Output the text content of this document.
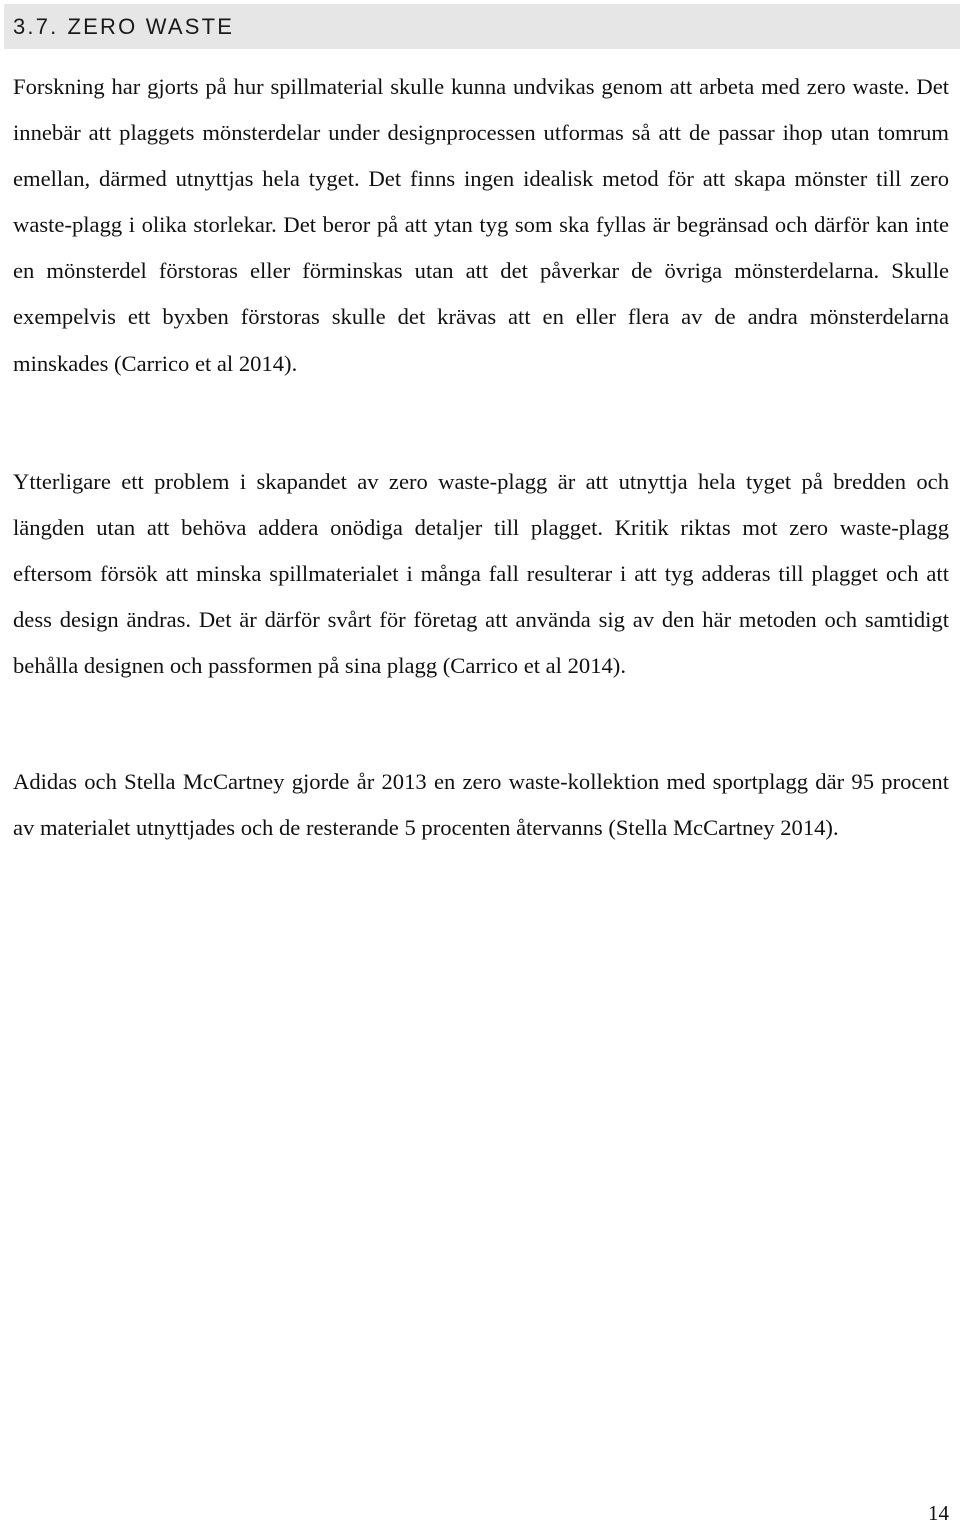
3.7. ZERO WASTE

Forskning har gjorts på hur spillmaterial skulle kunna undvikas genom att arbeta med zero waste. Det innebär att plaggets mönsterdelar under designprocessen utformas så att de passar ihop utan tomrum emellan, därmed utnyttjas hela tyget. Det finns ingen idealisk metod för att skapa mönster till zero waste-plagg i olika storlekar. Det beror på att ytan tyg som ska fyllas är begränsad och därför kan inte en mönsterdel förstoras eller förminskas utan att det påverkar de övriga mönsterdelarna. Skulle exempelvis ett byxben förstoras skulle det krävas att en eller flera av de andra mönsterdelarna minskades (Carrico et al 2014).

Ytterligare ett problem i skapandet av zero waste-plagg är att utnyttja hela tyget på bredden och längden utan att behöva addera onödiga detaljer till plagget. Kritik riktas mot zero waste-plagg eftersom försök att minska spillmaterialet i många fall resulterar i att tyg adderas till plagget och att dess design ändras. Det är därför svårt för företag att använda sig av den här metoden och samtidigt behålla designen och passformen på sina plagg (Carrico et al 2014).

Adidas och Stella McCartney gjorde år 2013 en zero waste-kollektion med sportplagg där 95 procent av materialet utnyttjades och de resterande 5 procenten återvanns (Stella McCartney 2014).

14
